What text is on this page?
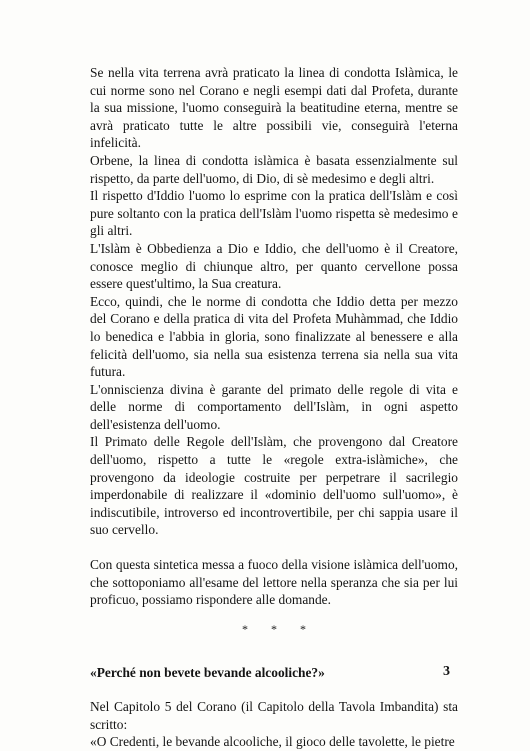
Se nella vita terrena avrà praticato la linea di condotta Islàmica, le cui norme sono nel Corano e negli esempi dati dal Profeta, durante la sua missione, l'uomo conseguirà la beatitudine eterna, mentre se avrà praticato tutte le altre possibili vie, conseguirà l'eterna infelicità.

Orbene, la linea di condotta islàmica è basata essenzialmente sul rispetto, da parte dell'uomo, di Dio, di sè medesimo e degli altri.

Il rispetto d'Iddio l'uomo lo esprime con la pratica dell'Islàm e così pure soltanto con la pratica dell'Islàm l'uomo rispetta sè medesimo e gli altri.

L'Islàm è Obbedienza a Dio e Iddio, che dell'uomo è il Creatore, conosce meglio di chiunque altro, per quanto cervellone possa essere quest'ultimo, la Sua creatura.

Ecco, quindi, che le norme di condotta che Iddio detta per mezzo del Corano e della pratica di vita del Profeta Muhàmmad, che Iddio lo benedica e l'abbia in gloria, sono finalizzate al benessere e alla felicità dell'uomo, sia nella sua esistenza terrena sia nella sua vita futura.

L'onniscienza divina è garante del primato delle regole di vita e delle norme di comportamento dell'Islàm, in ogni aspetto dell'esistenza dell'uomo.

Il Primato delle Regole dell'Islàm, che provengono dal Creatore dell'uomo, rispetto a tutte le «regole extra-islàmiche», che provengono da ideologie costruite per perpetrare il sacrilegio imperdonabile di realizzare il «dominio dell'uomo sull'uomo», è indiscutibile, introverso ed incontrovertibile, per chi sappia usare il suo cervello.

Con questa sintetica messa a fuoco della visione islàmica dell'uomo, che sottoponiamo all'esame del lettore nella speranza che sia per lui proficuo, possiamo rispondere alle domande.

* * *

«Perché non bevete bevande alcooliche?»

Nel Capitolo 5 del Corano (il Capitolo della Tavola Imbandita) sta scritto:

«O Credenti, le bevande alcooliche, il gioco delle tavolette, le pietre

3
